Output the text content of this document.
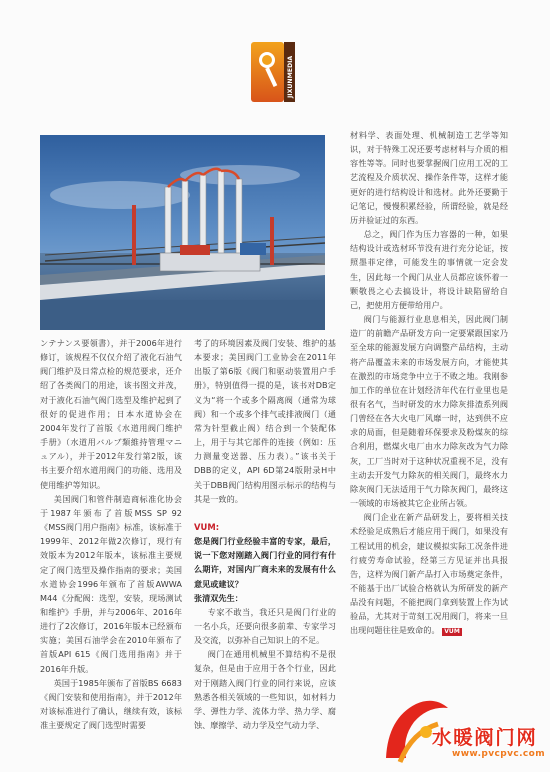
JIXUNMEDIA

ンテナンス要領書），并于2006年进行修订，该规程不仅仅介绍了液化石油气阀门维护及日常点检的规范要求，还介绍了各类阀门的用途，该书图文并茂，对于液化石油气阀门选型及维护起到了很好的促进作用；日本水道协会在2004年发行了首版《水道用阀门维护手册》（水道用バルブ類維持管理マニュアル），并于2012年发行第2版，该书主要介绍水道用阀门的功能、选用及使用维护等知识。

美国阀门和管件制造商标准化协会于1987年颁布了首版MSS SP 92《MSS阀门用户指南》标准，该标准于1999年、2012年做2次修订，现行有效版本为2012年版本，该标准主要规定了阀门选型及操作指南的要求；美国水道协会1996年颁布了首版AWWA M44《分配阀：选型，安装，现场测试和维护》手册，并与2006年、2016年进行了2次修订，2016年版本已经颁布实施；美国石油学会在2010年颁布了首版API 615《阀门选用指南》并于2016年升版。

英国于1985年颁布了首版BS 6683《阀门安装和使用指南》，并于2012年对该标准进行了确认，继续有效，该标准主要规定了阀门选型时需要

考了的环境因素及阀门安装、维护的基本要求；美国阀门工业协会在2011年出版了第6版《阀门和驱动装置用户手册》，特别值得一提的是，该书对DB定义为“将一个或多个隔离阀（通常为球阀）和一个或多个排气或排液阀门（通常为针型截止阀）结合到一个装配体上，用于与其它部件的连接（例如：压力测量变送器、压力表）。”该书关于DBB的定义，API 6D第24版附录H中关于DBB阀门结构用图示标示的结构与其是一致的。

VUM:

您是阀门行业经验丰富的专家，最后，说一下您对刚踏入阀门行业的同行有什么期许，对国内厂商未来的发展有什么意见或建议？

张清双先生：

专家不敢当，我还只是阀门行业的一名小兵，还要向很多前辈、专家学习及交流，以弥补自己知识上的不足。

阀门在通用机械里不算结构不是很复杂，但是由于应用于各个行业，因此对于刚踏入阀门行业的同行来说，应该熟悉各相关领域的一些知识，如材料力学、弹性力学、流体力学、热力学、腐蚀、摩擦学、动力学及空气动力学、

材料学、表面处理、机械制造工艺学等知识，对于特殊工况还要考虑材料与介质的相容性等等。同时也要掌握阀门应用工况的工艺流程及介质状况、操作条件等，这样才能更好的进行结构设计和选材。此外还要勤于记笔记，慢慢积累经验，所谓经验，就是经历并验证过的东西。

总之，阀门作为压力容器的一种，如果结构设计或选材环节没有进行充分论证，按照墨菲定律，可能发生的事情就一定会发生，因此每一个阀门从业人员都应该怀着一颗敬畏之心去搞设计，将设计缺陷留给自己，把使用方便带给用户。

阀门与能源行业息息相关，因此阀门制造厂的前瞻产品研发方向一定要紧跟国家乃至全球的能源发展方向调整产品结构，主动将产品覆盖未来的市场发展方向，才能使其在激烈的市场竞争中立于不败之地。我刚参加工作的单位在计划经济年代在行业里也是很有名气，当时研发的水力除灰排渣系列阀门曾经在各大火电厂风靡一时，达到供不应求的局面，但是随着环保要求及粉煤灰的综合利用，燃煤火电厂由水力除灰改为气力除灰，工厂当时对于这种状况重视不足，没有主动去开发气力除灰的相关阀门，最终水力除灰阀门无法适用于气力除灰阀门，最终这一领域的市场被其它企业所占领。

阀门企业在新产品研发上，要将相关技术经验足成熟后才能应用于阀门，如果没有工程试用的机会，建议模拟实际工况条件进行疲劳寿命试验，经第三方见证并出具报告，这样为阀门新产品打入市场奠定条件，不能基于出厂试验合格就认为所研发的新产品没有问题，不能把阀门拿到装置上作为试验品，尤其对于苛刻工况用阀门，将来一旦出现问题往往是致命的。 VUM

水暖阀门网
www.pvcpvc.com
